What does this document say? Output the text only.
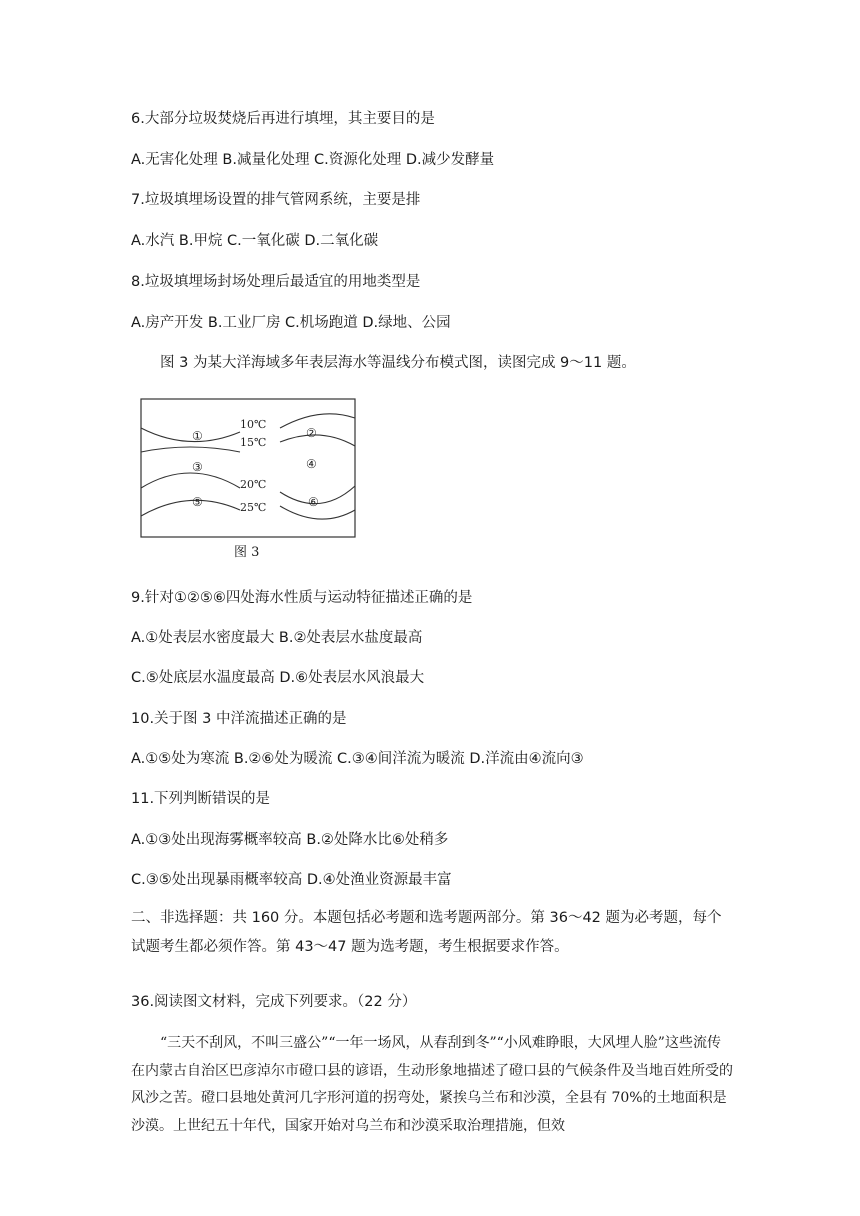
6.大部分垃圾焚烧后再进行填埋，其主要目的是
A.无害化处理 B.减量化处理 C.资源化处理 D.减少发酵量
7.垃圾填埋场设置的排气管网系统，主要是排
A.水汽 B.甲烷 C.一氧化碳 D.二氧化碳
8.垃圾填埋场封场处理后最适宜的用地类型是
A.房产开发 B.工业厂房 C.机场跑道 D.绿地、公园
图 3 为某大洋海域多年表层海水等温线分布模式图，读图完成 9～11 题。
10℃
15℃
20℃
25℃
①	②
③	④
⑤	⑥
图 3
9.针对①②⑤⑥四处海水性质与运动特征描述正确的是
A.①处表层水密度最大 B.②处表层水盐度最高
C.⑤处底层水温度最高 D.⑥处表层水风浪最大
10.关于图 3 中洋流描述正确的是
A.①⑤处为寒流 B.②⑥处为暖流 C.③④间洋流为暖流 D.洋流由④流向③
11.下列判断错误的是
A.①③处出现海雾概率较高 B.②处降水比⑥处稍多
C.③⑤处出现暴雨概率较高 D.④处渔业资源最丰富
二、非选择题：共 160 分。本题包括必考题和选考题两部分。第 36～42 题为必考题，每个试题考生都必须作答。第 43～47 题为选考题，考生根据要求作答。
36.阅读图文材料，完成下列要求。（22 分）
“三天不刮风，不叫三盛公”“一年一场风，从春刮到冬”“小风难睁眼，大风埋人脸”这些流传在内蒙古自治区巴彦淖尔市磴口县的谚语，生动形象地描述了磴口县的气候条件及当地百姓所受的风沙之苦。磴口县地处黄河几字形河道的拐弯处，紧挨乌兰布和沙漠，全县有 70%的土地面积是沙漠。上世纪五十年代，国家开始对乌兰布和沙漠采取治理措施，但效
